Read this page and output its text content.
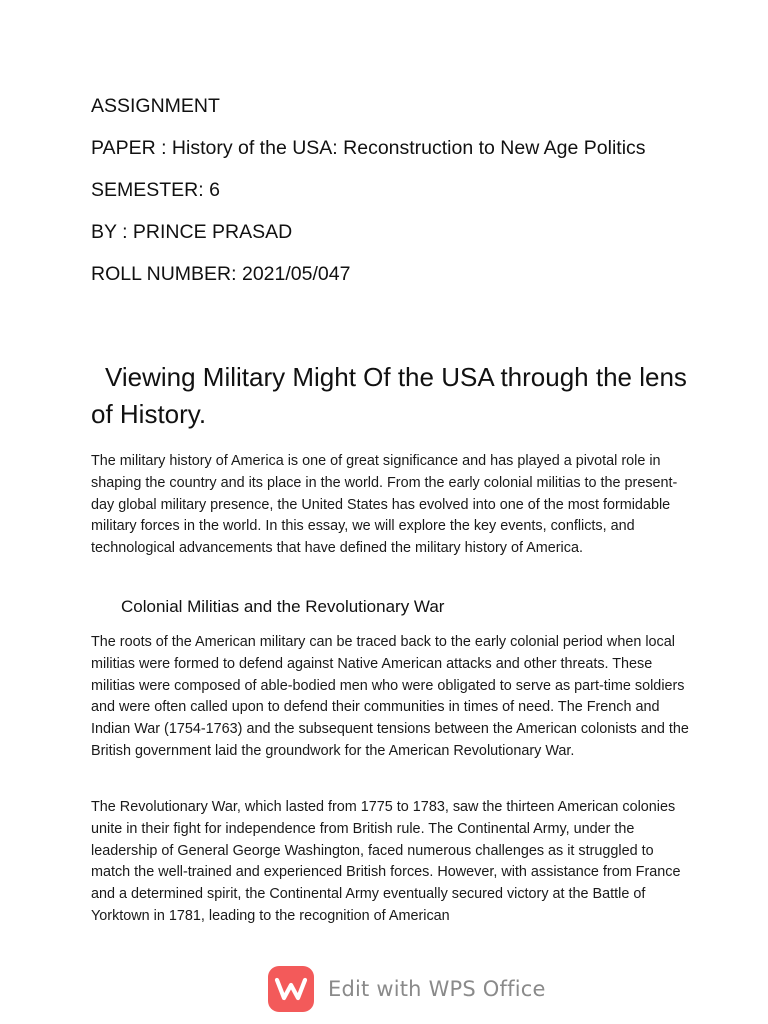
ASSIGNMENT

PAPER : History of the USA: Reconstruction to New Age Politics

SEMESTER: 6

BY : PRINCE PRASAD

ROLL NUMBER: 2021/05/047

Viewing Military Might Of the USA through the lens of History.

The military history of America is one of great significance and has played a pivotal role in shaping the country and its place in the world. From the early colonial militias to the present-day global military presence, the United States has evolved into one of the most formidable military forces in the world. In this essay, we will explore the key events, conflicts, and technological advancements that have defined the military history of America.

Colonial Militias and the Revolutionary War

The roots of the American military can be traced back to the early colonial period when local militias were formed to defend against Native American attacks and other threats. These militias were composed of able-bodied men who were obligated to serve as part-time soldiers and were often called upon to defend their communities in times of need. The French and Indian War (1754-1763) and the subsequent tensions between the American colonists and the British government laid the groundwork for the American Revolutionary War.

The Revolutionary War, which lasted from 1775 to 1783, saw the thirteen American colonies unite in their fight for independence from British rule. The Continental Army, under the leadership of General George Washington, faced numerous challenges as it struggled to match the well-trained and experienced British forces. However, with assistance from France and a determined spirit, the Continental Army eventually secured victory at the Battle of Yorktown in 1781, leading to the recognition of American

Edit with WPS Office
